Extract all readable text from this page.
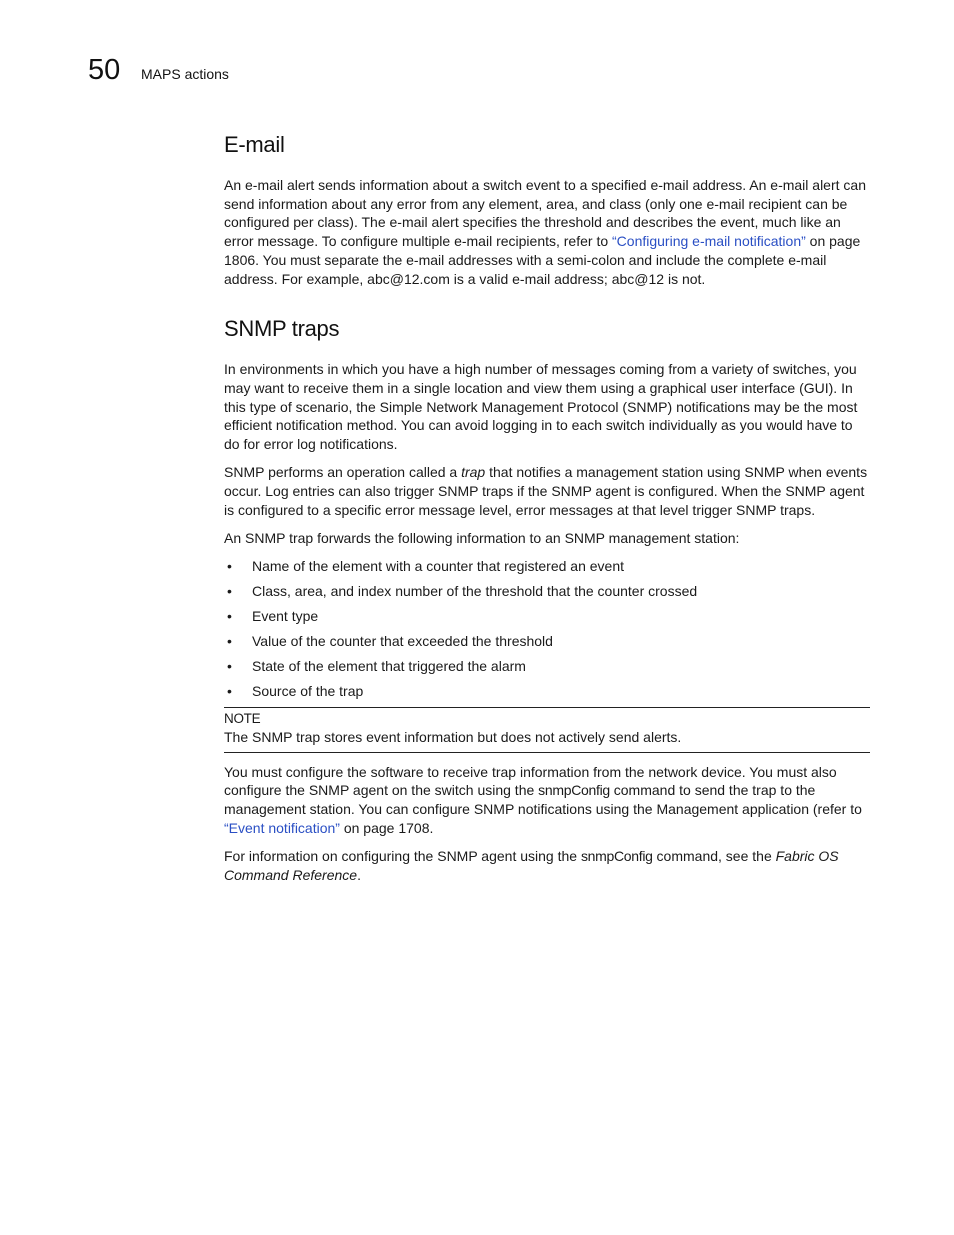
50 MAPS actions
E-mail

An e-mail alert sends information about a switch event to a specified e-mail address. An e-mail alert can send information about any error from any element, area, and class (only one e-mail recipient can be configured per class). The e-mail alert specifies the threshold and describes the event, much like an error message. To configure multiple e-mail recipients, refer to “Configuring e-mail notification” on page 1806. You must separate the e-mail addresses with a semi-colon and include the complete e-mail address. For example, abc@12.com is a valid e-mail address; abc@12 is not.

SNMP traps

In environments in which you have a high number of messages coming from a variety of switches, you may want to receive them in a single location and view them using a graphical user interface (GUI). In this type of scenario, the Simple Network Management Protocol (SNMP) notifications may be the most efficient notification method. You can avoid logging in to each switch individually as you would have to do for error log notifications.

SNMP performs an operation called a trap that notifies a management station using SNMP when events occur. Log entries can also trigger SNMP traps if the SNMP agent is configured. When the SNMP agent is configured to a specific error message level, error messages at that level trigger SNMP traps.

An SNMP trap forwards the following information to an SNMP management station:

• Name of the element with a counter that registered an event
• Class, area, and index number of the threshold that the counter crossed
• Event type
• Value of the counter that exceeded the threshold
• State of the element that triggered the alarm
• Source of the trap
NOTE
The SNMP trap stores event information but does not actively send alerts.

You must configure the software to receive trap information from the network device. You must also configure the SNMP agent on the switch using the snmpConfig command to send the trap to the management station. You can configure SNMP notifications using the Management application (refer to “Event notification” on page 1708.

For information on configuring the SNMP agent using the snmpConfig command, see the Fabric OS Command Reference.
